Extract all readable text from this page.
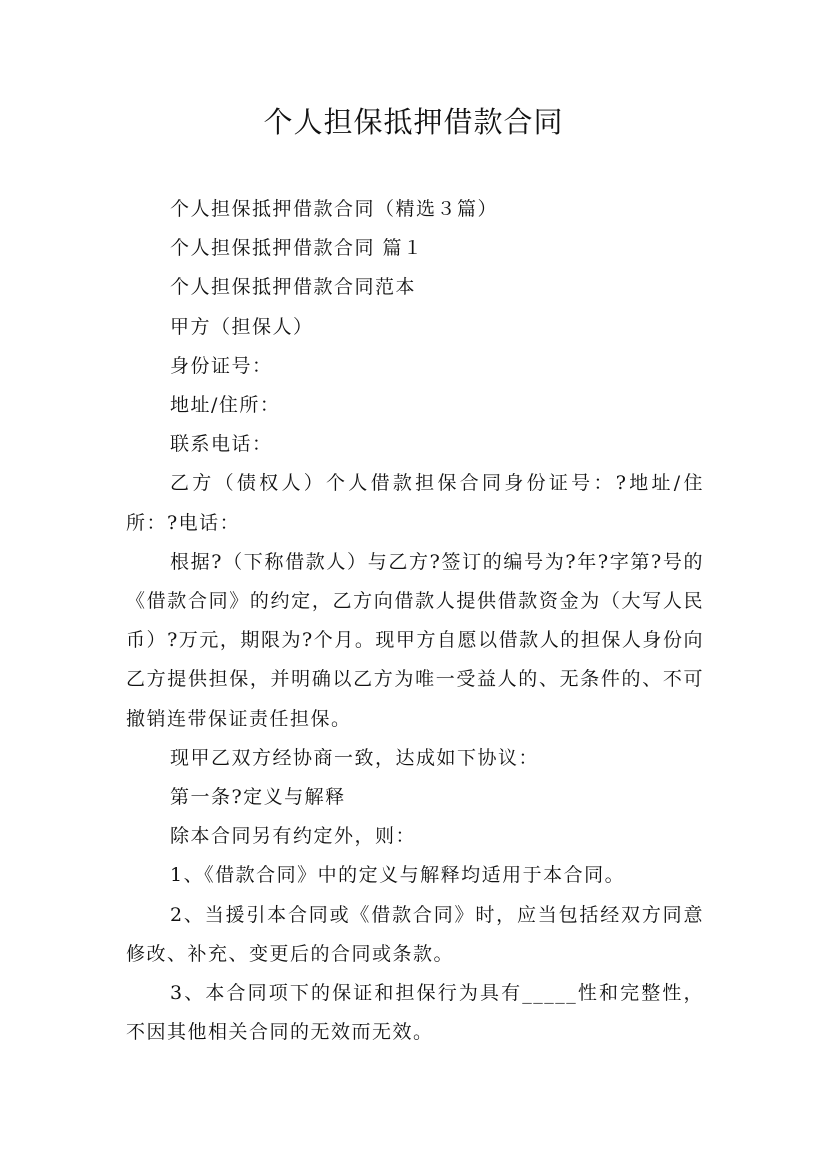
个人担保抵押借款合同

个人担保抵押借款合同（精选３篇）

个人担保抵押借款合同 篇１

个人担保抵押借款合同范本

甲方（担保人）

身份证号：

地址/住所：

联系电话：

乙方（债权人）个人借款担保合同身份证号：?地址/住所：?电话：

根据?（下称借款人）与乙方?签订的编号为?年?字第?号的《借款合同》的约定，乙方向借款人提供借款资金为（大写人民币）?万元，期限为?个月。现甲方自愿以借款人的担保人身份向乙方提供担保，并明确以乙方为唯一受益人的、无条件的、不可撤销连带保证责任担保。

现甲乙双方经协商一致，达成如下协议：

第一条?定义与解释

除本合同另有约定外，则：

1、《借款合同》中的定义与解释均适用于本合同。

2、当援引本合同或《借款合同》时，应当包括经双方同意修改、补充、变更后的合同或条款。

3、本合同项下的保证和担保行为具有_____性和完整性，不因其他相关合同的无效而无效。
